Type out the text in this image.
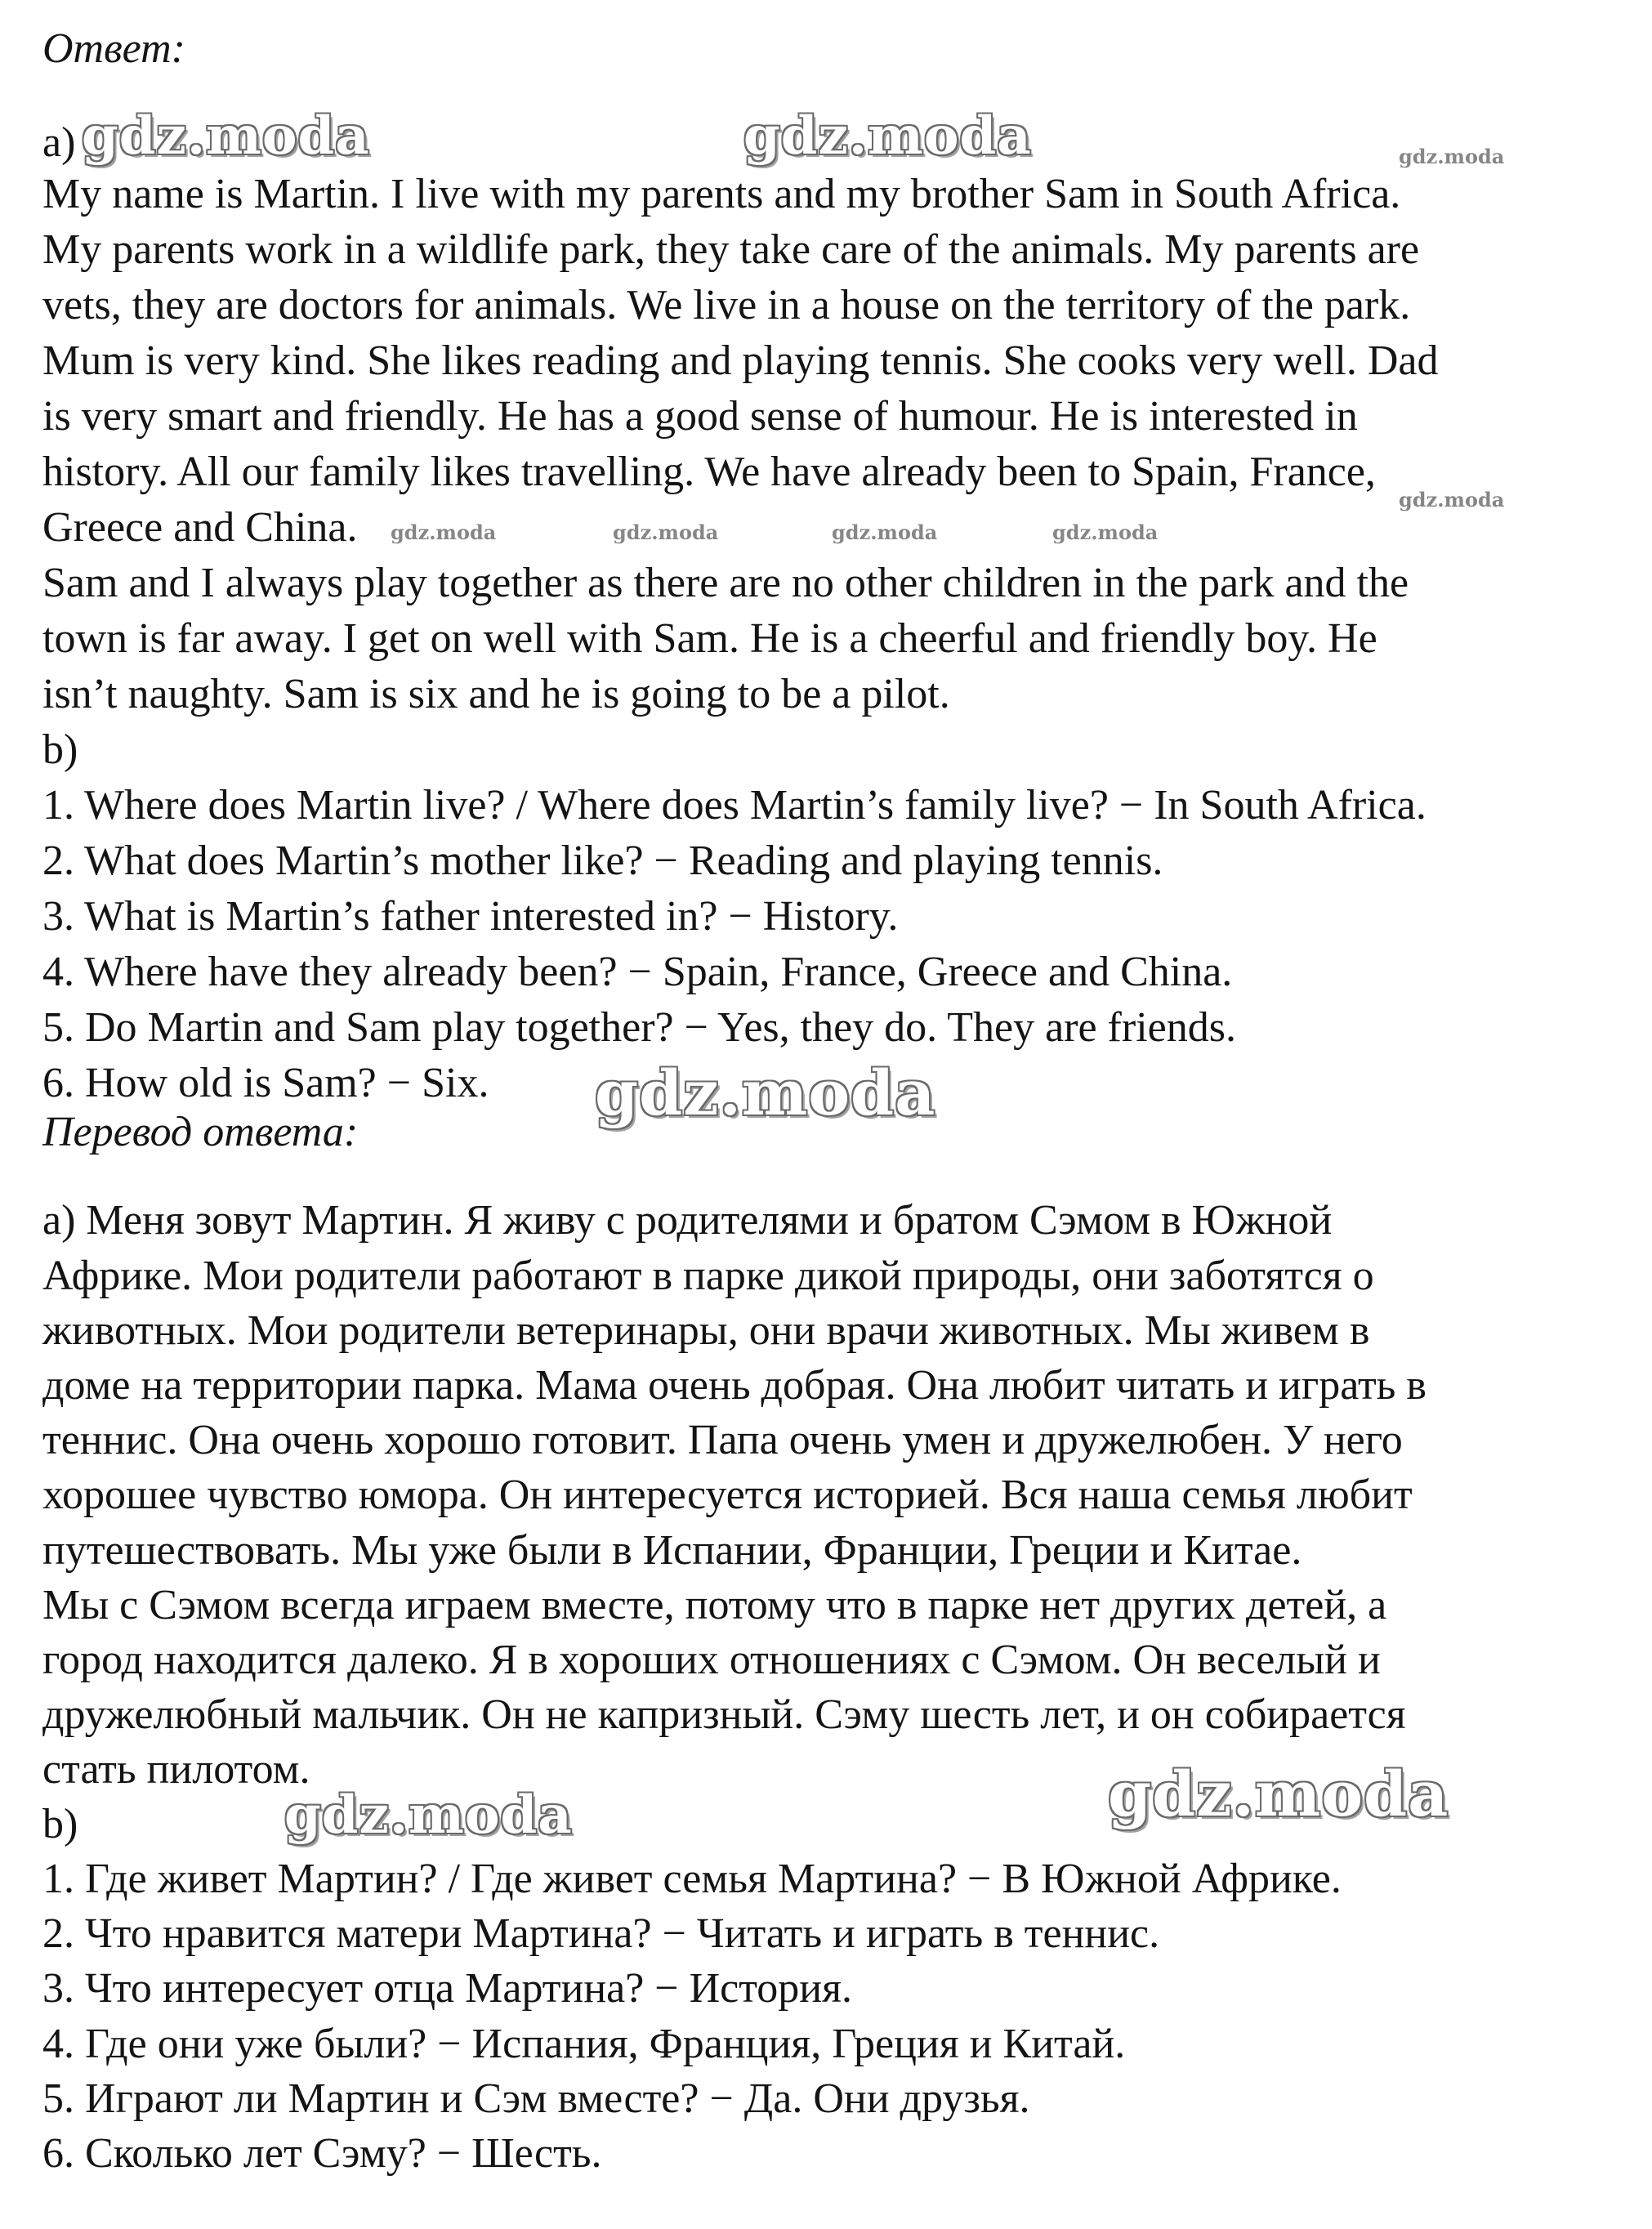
Ответ:
a)
My name is Martin. I live with my parents and my brother Sam in South Africa.
My parents work in a wildlife park, they take care of the animals. My parents are
vets, they are doctors for animals. We live in a house on the territory of the park.
Mum is very kind. She likes reading and playing tennis. She cooks very well. Dad
is very smart and friendly. He has a good sense of humour. He is interested in
history. All our family likes travelling. We have already been to Spain, France,
Greece and China.
Sam and I always play together as there are no other children in the park and the
town is far away. I get on well with Sam. He is a cheerful and friendly boy. He
isn’t naughty. Sam is six and he is going to be a pilot.
b)
1. Where does Martin live? / Where does Martin’s family live? − In South Africa.
2. What does Martin’s mother like? − Reading and playing tennis.
3. What is Martin’s father interested in? − History.
4. Where have they already been? − Spain, France, Greece and China.
5. Do Martin and Sam play together? − Yes, they do. They are friends.
6. How old is Sam? − Six.
Перевод ответа:
а) Меня зовут Мартин. Я живу с родителями и братом Сэмом в Южной
Африке. Мои родители работают в парке дикой природы, они заботятся о
животных. Мои родители ветеринары, они врачи животных. Мы живем в
доме на территории парка. Мама очень добрая. Она любит читать и играть в
теннис. Она очень хорошо готовит. Папа очень умен и дружелюбен. У него
хорошее чувство юмора. Он интересуется историей. Вся наша семья любит
путешествовать. Мы уже были в Испании, Франции, Греции и Китае.
Мы с Сэмом всегда играем вместе, потому что в парке нет других детей, а
город находится далеко. Я в хороших отношениях с Сэмом. Он веселый и
дружелюбный мальчик. Он не капризный. Сэму шесть лет, и он собирается
стать пилотом.
b)
1. Где живет Мартин? / Где живет семья Мартина? − В Южной Африке.
2. Что нравится матери Мартина? − Читать и играть в теннис.
3. Что интересует отца Мартина? − История.
4. Где они уже были? − Испания, Франция, Греция и Китай.
5. Играют ли Мартин и Сэм вместе? − Да. Они друзья.
6. Сколько лет Сэму? − Шесть.
gdz.moda	gdz.moda	gdz.moda
gdz.moda
gdz.moda	gdz.moda	gdz.moda	gdz.moda
gdz.moda
gdz.moda
gdz.moda
